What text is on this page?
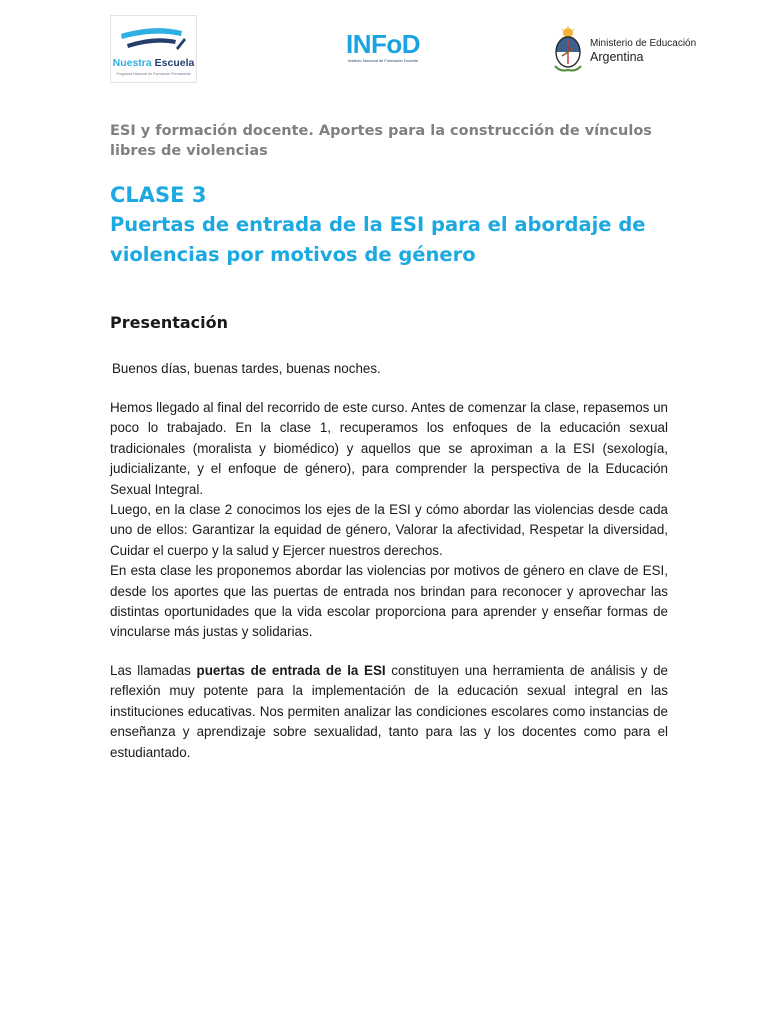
Nuestra Escuela
Programa Nacional de Formación Permanente
INFoD
Instituto Nacional de Formación Docente
Ministerio de Educación
Argentina
ESI y formación docente. Aportes para la construcción de vínculos libres de violencias
CLASE 3
Puertas de entrada de la ESI para el abordaje de violencias por motivos de género
Presentación
Buenos días, buenas tardes, buenas noches.

Hemos llegado al final del recorrido de este curso. Antes de comenzar la clase, repasemos un poco lo trabajado. En la clase 1, recuperamos los enfoques de la educación sexual tradicionales (moralista y biomédico) y aquellos que se aproximan a la ESI (sexología, judicializante, y el enfoque de género), para comprender la perspectiva de la Educación Sexual Integral.

Luego, en la clase 2 conocimos los ejes de la ESI y cómo abordar las violencias desde cada uno de ellos: Garantizar la equidad de género, Valorar la afectividad, Respetar la diversidad, Cuidar el cuerpo y la salud y Ejercer nuestros derechos.

En esta clase les proponemos abordar las violencias por motivos de género en clave de ESI, desde los aportes que las puertas de entrada nos brindan para reconocer y aprovechar las distintas oportunidades que la vida escolar proporciona para aprender y enseñar formas de vincularse más justas y solidarias.

Las llamadas puertas de entrada de la ESI constituyen una herramienta de análisis y de reflexión muy potente para la implementación de la educación sexual integral en las instituciones educativas. Nos permiten analizar las condiciones escolares como instancias de enseñanza y aprendizaje sobre sexualidad, tanto para las y los docentes como para el estudiantado.
